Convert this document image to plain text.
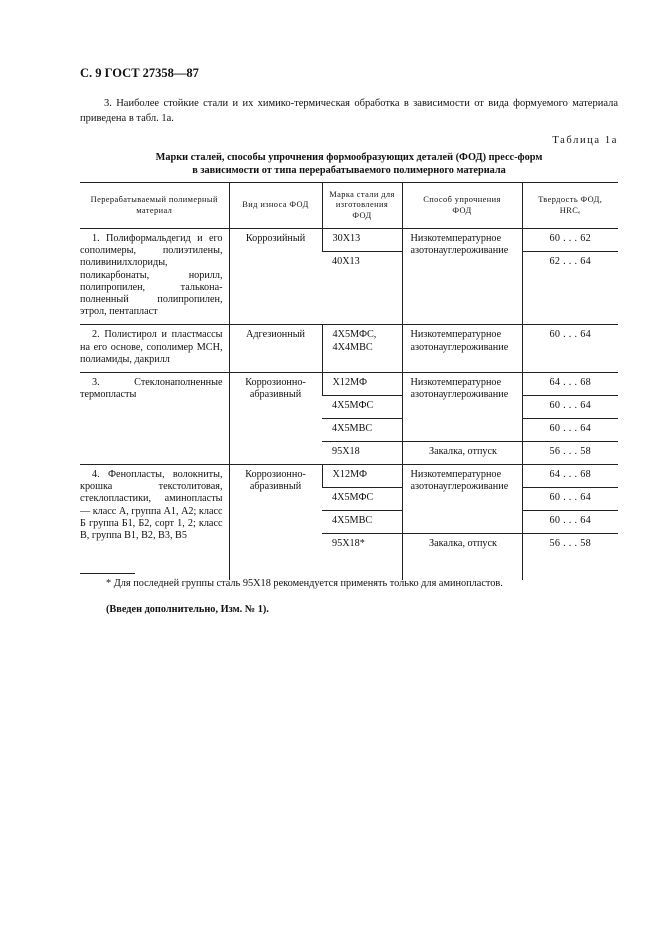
С. 9 ГОСТ 27358—87
3. Наиболее стойкие стали и их химико-термическая обработка в зависимости от вида формуемого материала приведена в табл. 1а.
Таблица 1а
Марки сталей, способы упрочнения формообразующих деталей (ФОД) пресс-форм
в зависимости от типа перерабатываемого полимерного материала
Перерабатываемый полимерный материал	Вид износа ФОД	Марка стали для изготовления ФОД	Способ упрочнения ФОД	Твердость ФОД, HRCₑ

1. Полиформальдегид и его сополимеры, полиэтилены, поливинилхлориды, поликарбонаты, норилл, полипропилен, тальконаполненный полипропилен, этрол, пентапласт	Коррозийный	30Х13	Низкотемпературное азотонауглероживание	60 . . . 62
		40Х13		62 . . . 64

2. Полистирол и пластмассы на его основе, сополимер МСН, полиамиды, дакрилл	Адгезионный	4Х5МФС, 4Х4МВС	Низкотемпературное азотонауглероживание	60 . . . 64

3. Стеклонаполненные термопласты	Коррозионно-абразивный	Х12МФ	Низкотемпературное азотонауглероживание	64 . . . 68
		4Х5МФС		60 . . . 64
		4Х5МВС		60 . . . 64
		95Х18	Закалка, отпуск	56 . . . 58

4. Фенопласты, волокниты, крошка текстолитовая, стеклопластики, аминопласты — класс А, группа А1, А2; класс Б группа Б1, Б2, сорт 1, 2; класс В, группа В1, В2, В3, В5	Коррозионно-абразивный	Х12МФ	Низкотемпературное азотонауглероживание	64 . . . 68
		4Х5МФС		60 . . . 64
		4Х5МВС		60 . . . 64
		95Х18*	Закалка, отпуск	56 . . . 58
* Для последней группы сталь 95Х18 рекомендуется применять только для аминопластов.
(Введен дополнительно, Изм. № 1).
